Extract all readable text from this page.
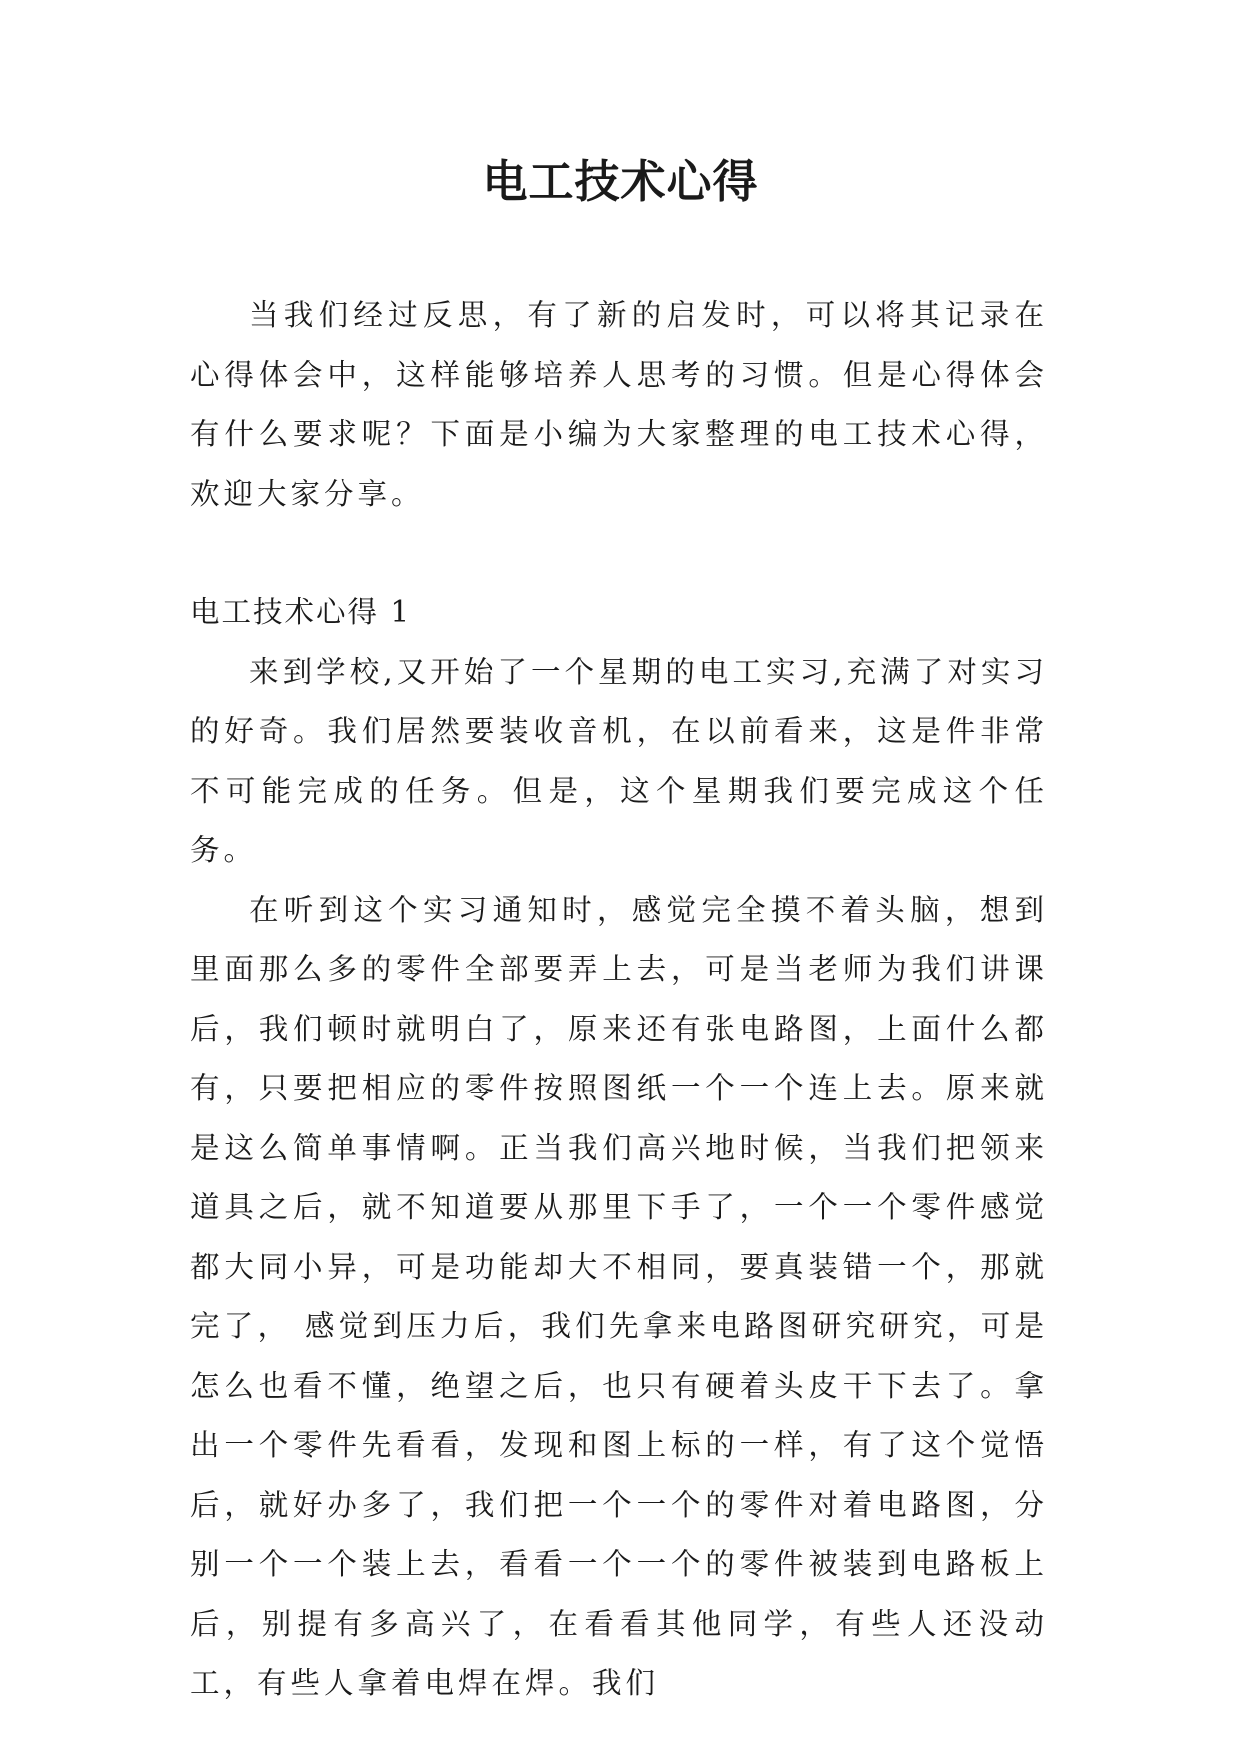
电工技术心得

当我们经过反思，有了新的启发时，可以将其记录在心得体会中，这样能够培养人思考的习惯。但是心得体会有什么要求呢？下面是小编为大家整理的电工技术心得，欢迎大家分享。

电工技术心得 1

来到学校,又开始了一个星期的电工实习,充满了对实习的好奇。我们居然要装收音机，在以前看来，这是件非常不可能完成的任务。但是，这个星期我们要完成这个任务。

在听到这个实习通知时，感觉完全摸不着头脑，想到里面那么多的零件全部要弄上去，可是当老师为我们讲课后，我们顿时就明白了，原来还有张电路图，上面什么都有，只要把相应的零件按照图纸一个一个连上去。原来就是这么简单事情啊。正当我们高兴地时候，当我们把领来道具之后，就不知道要从那里下手了，一个一个零件感觉都大同小异，可是功能却大不相同，要真装错一个，那就完了， 感觉到压力后，我们先拿来电路图研究研究，可是怎么也看不懂，绝望之后，也只有硬着头皮干下去了。拿出一个零件先看看，发现和图上标的一样，有了这个觉悟后，就好办多了，我们把一个一个的零件对着电路图，分别一个一个装上去，看看一个一个的零件被装到电路板上后，别提有多高兴了，在看看其他同学，有些人还没动工，有些人拿着电焊在焊。我们
